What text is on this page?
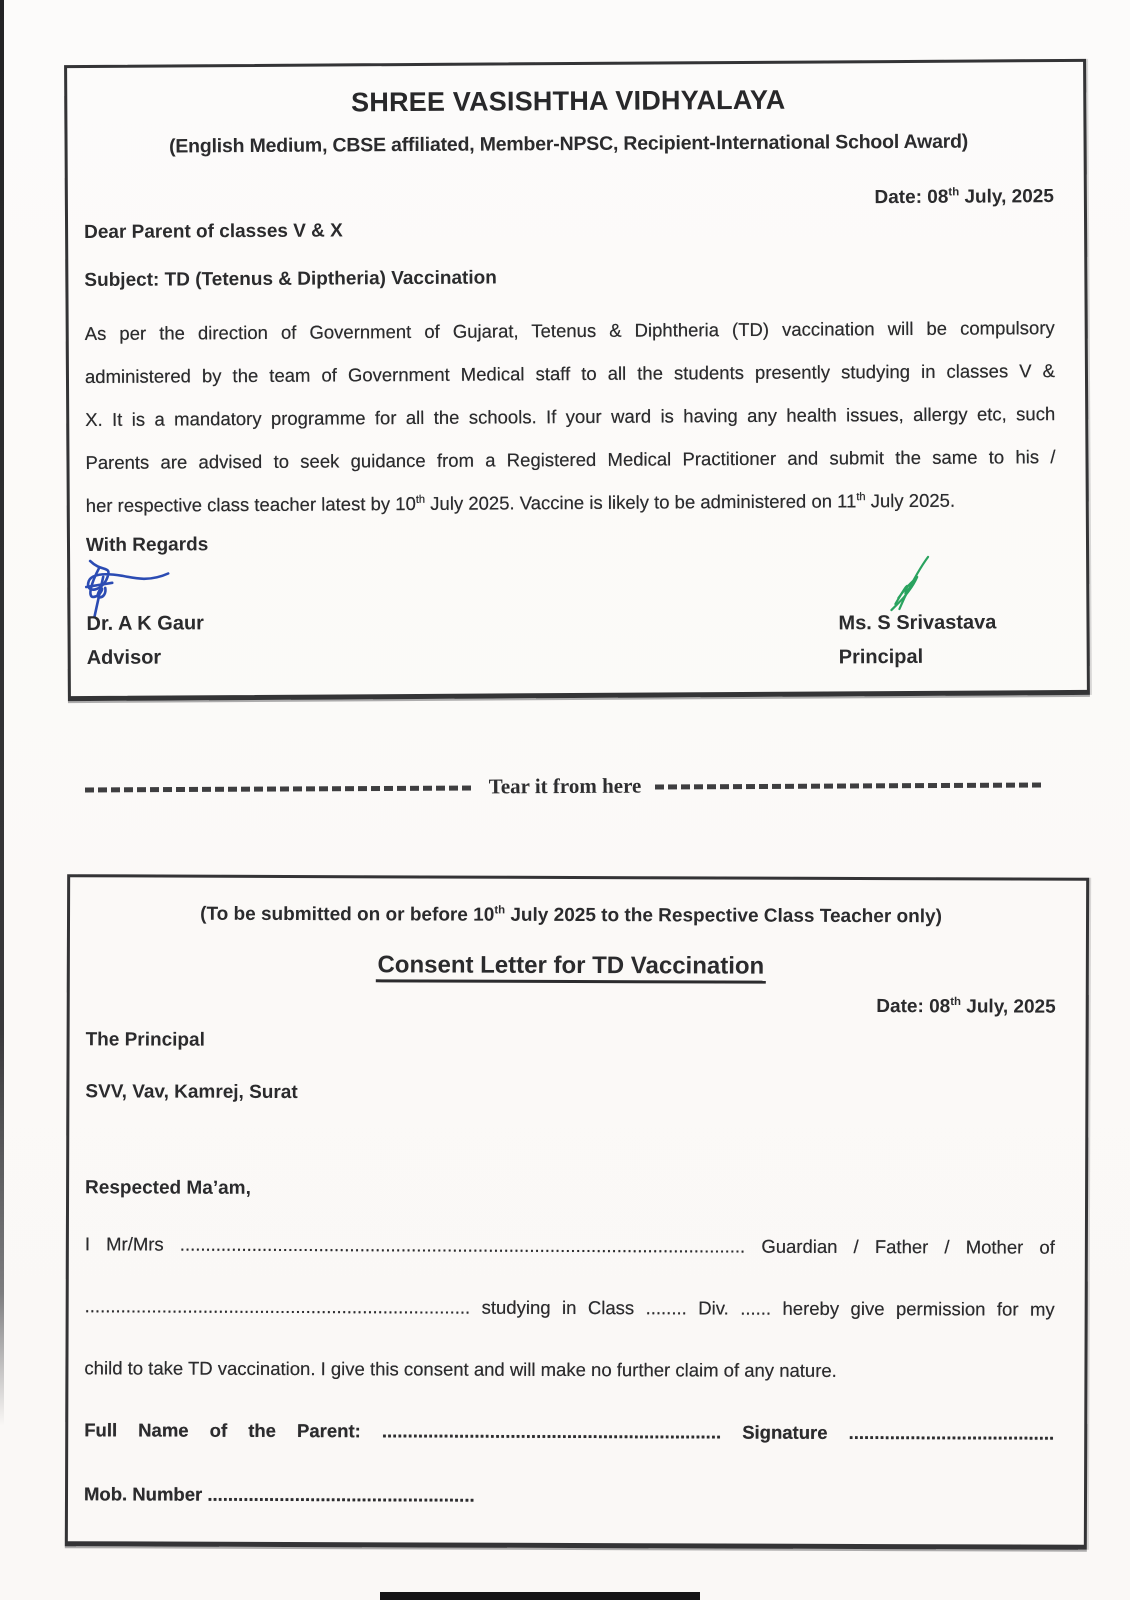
SHREE VASISHTHA VIDHYALAYA
(English Medium, CBSE affiliated, Member-NPSC, Recipient-International School Award)
Date: 08th July, 2025
Dear Parent of classes V & X
Subject: TD (Tetenus & Diptheria) Vaccination
As per the direction of Government of Gujarat, Tetenus & Diphtheria (TD) vaccination will be compulsory
administered by the team of Government Medical staff to all the students presently studying in classes V &
X. It is a mandatory programme for all the schools. If your ward is having any health issues, allergy etc, such
Parents are advised to seek guidance from a Registered Medical Practitioner and submit the same to his /
her respective class teacher latest by 10th July 2025. Vaccine is likely to be administered on 11th July 2025.
With Regards
Dr. A K Gaur
Advisor
Ms. S Srivastava
Principal
Tear it from here
(To be submitted on or before 10th July 2025 to the Respective Class Teacher only)
Consent Letter for TD Vaccination
Date: 08th July, 2025
The Principal
SVV, Vav, Kamrej, Surat
Respected Ma’am,
I Mr/Mrs .............................................................................................................. Guardian / Father / Mother of
........................................................................... studying in Class ........ Div. ...... hereby give permission for my
child to take TD vaccination. I give this consent and will make no further claim of any nature.
Full Name of the Parent: .................................................................. Signature ........................................
Mob. Number ....................................................
